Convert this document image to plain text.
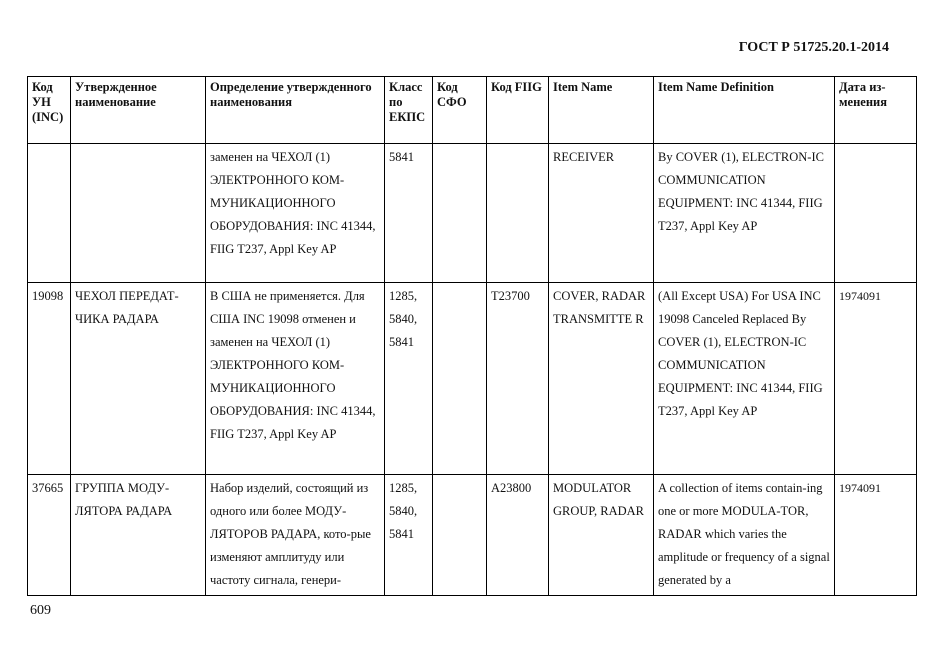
ГОСТ Р 51725.20.1-2014
Код УН (INC)	Утвержденное наименование	Определение утвержденного наименования	Класс по ЕКПС	Код СФО	Код FIIG	Item Name	Item Name Definition	Дата из-менения
		заменен на ЧЕХОЛ (1) ЭЛЕКТРОННОГО КОМ-МУНИКАЦИОННОГО ОБОРУДОВАНИЯ: INC 41344, FIIG T237, Appl Key AP	5841			RECEIVER	By COVER (1), ELECTRON-IC COMMUNICATION EQUIPMENT: INC 41344, FIIG T237, Appl Key AP	
19098	ЧЕХОЛ ПЕРЕДАТ-ЧИКА РАДАРА	В США не применяется. Для США INC 19098 отменен и заменен на ЧЕХОЛ (1) ЭЛЕКТРОННОГО КОМ-МУНИКАЦИОННОГО ОБОРУДОВАНИЯ: INC 41344, FIIG T237, Appl Key AP	1285, 5840, 5841		T23700	COVER, RADAR TRANSMITTE R	(All Except USA) For USA INC 19098 Canceled Replaced By COVER (1), ELECTRON-IC COMMUNICATION EQUIPMENT: INC 41344, FIIG T237, Appl Key AP	1974091
37665	ГРУППА МОДУ-ЛЯТОРА РАДАРА	Набор изделий, состоящий из одного или более МОДУ-ЛЯТОРОВ РАДАРА, кото-рые изменяют амплитуду или частоту сигнала, генери-	1285, 5840, 5841		A23800	MODULATOR GROUP, RADAR	A collection of items contain-ing one or more MODULA-TOR, RADAR which varies the amplitude or frequency of a signal generated by a	1974091
609
